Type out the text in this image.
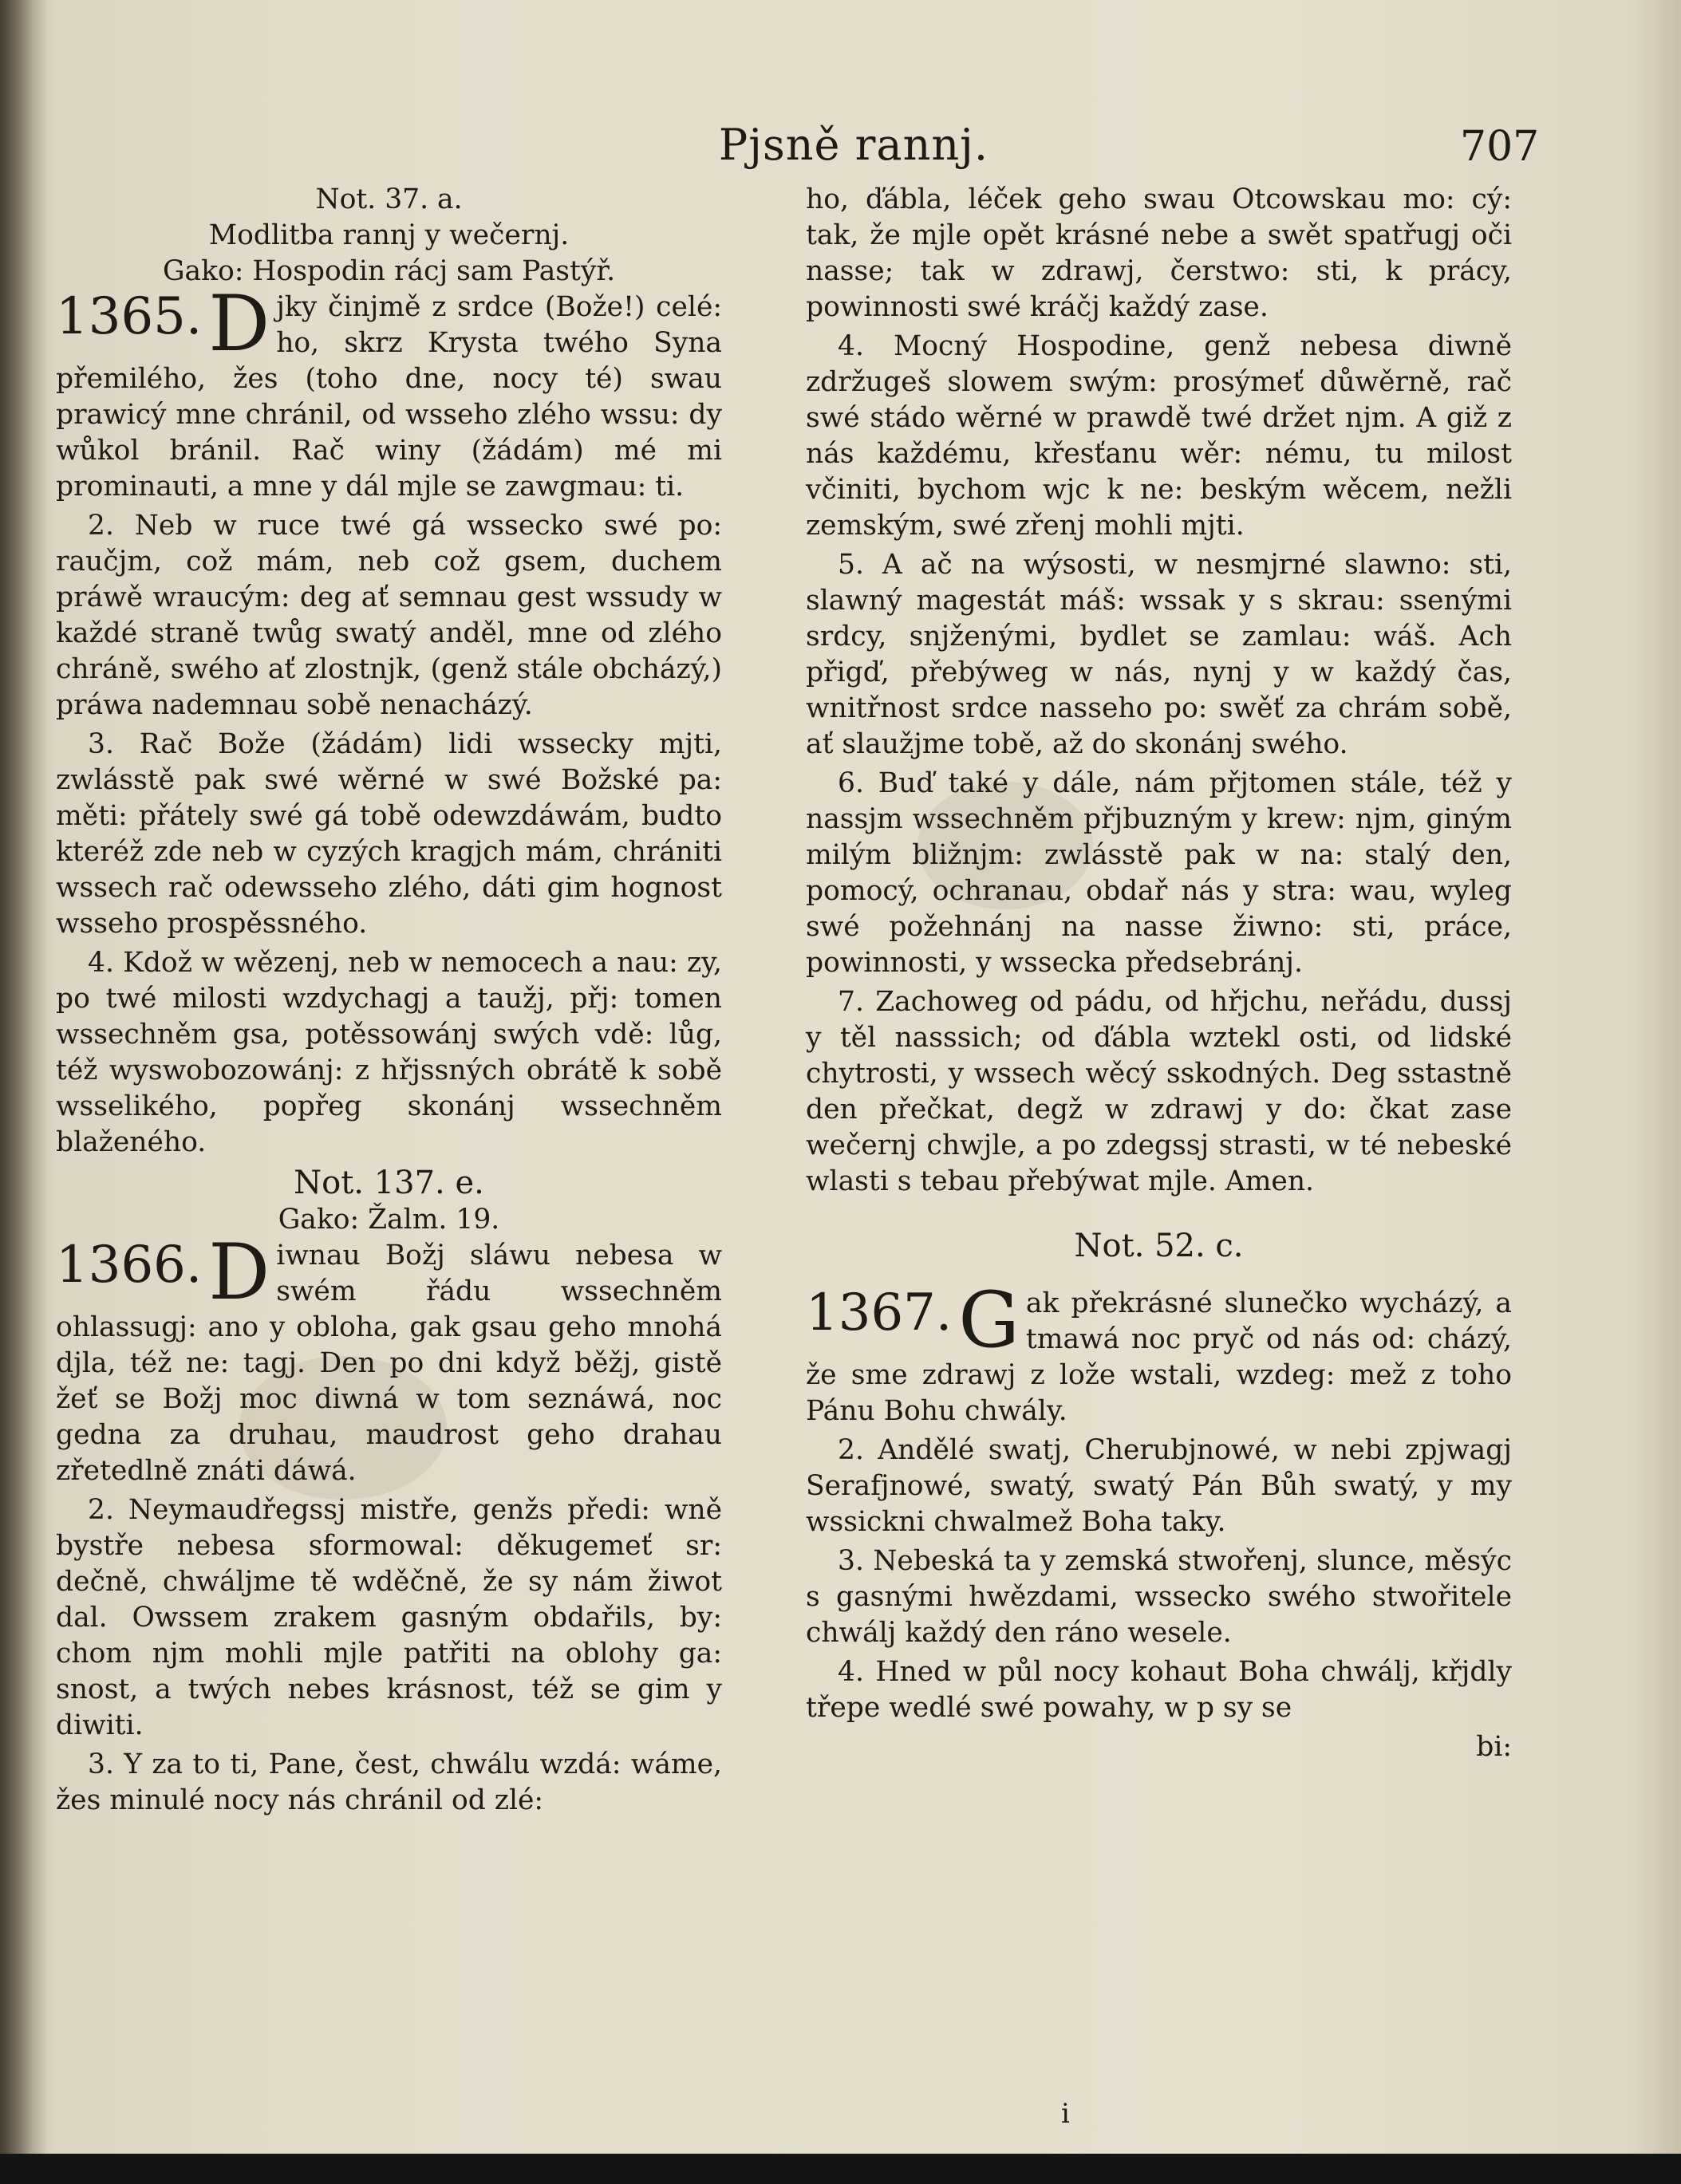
Pjsně rannj.	707

Not. 37. a.

Modlitba rannj y wečernj.

Gako: Hospodin rácj sam Pastýř.

1365. D jky činjmě z srdce (Bože!) celé: ho, skrz Krysta twého Syna přemilého, žes (toho dne, nocy té) swau prawicý mne chránil, od wsseho zlého wssu: dy wůkol bránil. Rač winy (žádám) mé mi prominauti, a mne y dál mjle se zawgmau: ti.

2. Neb w ruce twé gá wssecko swé po: raučjm, což mám, neb což gsem, duchem práwě wraucým: deg ať semnau gest wssudy w každé straně twůg swatý anděl, mne od zlého chráně, swého ať zlostnjk, (genž stále obcházý,) práwa nademnau sobě nenacházý.

3. Rač Bože (žádám) lidi wssecky mjti, zwlásstě pak swé wěrné w swé Božské pa: měti: přátely swé gá tobě odewzdáwám, budto kteréž zde neb w cyzých kragjch mám, chrániti wssech rač odewsseho zlého, dáti gim hognost wsseho prospěssného.

4. Kdož w wězenj, neb w nemocech a nau: zy, po twé milosti wzdychagj a taužj, přj: tomen wssechněm gsa, potěssowánj swých vdě: lůg, též wyswobozowánj: z hřjssných obrátě k sobě wsselikého, popřeg skonánj wssechněm blaženého.

Not. 137. e.

Gako: Žalm. 19.

1366. D iwnau Božj sláwu nebesa w swém řádu wssechněm ohlassugj: ano y obloha, gak gsau geho mnohá djla, též ne: tagj. Den po dni když běžj, gistě žeť se Božj moc diwná w tom seznáwá, noc gedna za druhau, maudrost geho drahau zřetedlně znáti dáwá.

2. Neymaudřegssj mistře, genžs předi: wně bystře nebesa sformowal: děkugemeť sr: dečně, chwáljme tě wděčně, že sy nám žiwot dal. Owssem zrakem gasným obdařils, by: chom njm mohli mjle patřiti na oblohy ga: snost, a twých nebes krásnost, též se gim y diwiti.

3. Y za to ti, Pane, čest, chwálu wzdá: wáme, žes minulé nocy nás chránil od zlé:

ho, ďábla, léček geho swau Otcowskau mo: cý: tak, že mjle opět krásné nebe a swět spatřugj oči nasse; tak w zdrawj, čerstwo: sti, k prácy, powinnosti swé kráčj každý zase.

4. Mocný Hospodine, genž nebesa diwně zdržugeš slowem swým: prosýmeť důwěrně, rač swé stádo wěrné w prawdě twé držet njm. A giž z nás každému, křesťanu wěr: nému, tu milost včiniti, bychom wjc k ne: beským wěcem, nežli zemským, swé zřenj mohli mjti.

5. A ač na wýsosti, w nesmjrné slawno: sti, slawný magestát máš: wssak y s skrau: ssenými srdcy, snjženými, bydlet se zamlau: wáš. Ach přigď, přebýweg w nás, nynj y w každý čas, wnitřnost srdce nasseho po: swěť za chrám sobě, ať slaužjme tobě, až do skonánj swého.

6. Buď také y dále, nám přjtomen stále, též y nassjm wssechněm přjbuzným y krew: njm, giným milým bližnjm: zwlásstě pak w na: stalý den, pomocý, ochranau, obdař nás y stra: wau, wyleg swé požehnánj na nasse žiwno: sti, práce, powinnosti, y wssecka předsebránj.

7. Zachoweg od pádu, od hřjchu, neřádu, dussj y těl nasssich; od ďábla wztekl osti, od lidské chytrosti, y wssech wěcý sskodných. Deg sstastně den přečkat, degž w zdrawj y do: čkat zase wečernj chwjle, a po zdegssj strasti, w té nebeské wlasti s tebau přebýwat mjle. Amen.

Not. 52. c.

1367. G ak překrásné slunečko wycházý, a tmawá noc pryč od nás od: cházý, že sme zdrawj z lože wstali, wzdeg: mež z toho Pánu Bohu chwály.

2. Andělé swatj, Cherubjnowé, w nebi zpjwagj Serafjnowé, swatý, swatý Pán Bůh swatý, y my wssickni chwalmež Boha taky.

3. Nebeská ta y zemská stwořenj, slunce, měsýc s gasnými hwězdami, wssecko swého stwořitele chwálj každý den ráno wesele.

4. Hned w půl nocy kohaut Boha chwálj, křjdly třepe wedlé swé powahy, w p sy se

bi:

i
